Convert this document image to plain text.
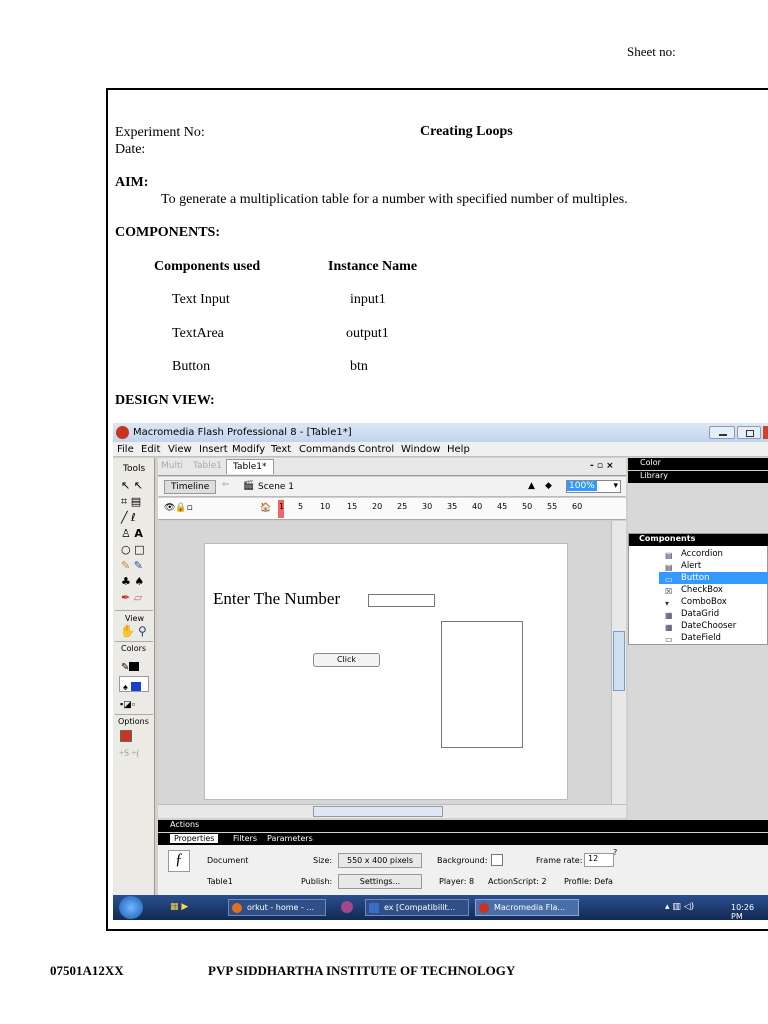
Sheet no:
Experiment No:	Creating Loops
Date:
AIM:
To generate a multiplication table for a number with specified number of multiples.
COMPONENTS:
Components used	Instance Name
Text Input	input1
TextArea	output1
Button	btn
DESIGN VIEW:
Macromedia Flash Professional 8 - [Table1*]
File Edit View Insert Modify Text Commands Control Window Help
Tools
↖ ↖
⌗ ▤
╱ ℓ
♙ A
○ □
✎ ✎
♣ ♠
✒ ▱
View
✋ ⚲
Colors
✎
♠
▪◪▫
Options
+S +(
Multi Table1	Table1*	- ▫ ×
Timeline	⇐ 🎬 Scene 1	▲ ◆	100% ▾
👁🔒▫	🏠 1 5 10 15 20 25 30 35 40 45 50 55 60
Enter The Number
Click
Actions
Properties	Filters Parameters
ƒ	Document
Table1
Size:	550 x 400 pixels
Publish:	Settings...
Background:
Player: 8 ActionScript: 2
Frame rate: 12
Profile: Defa
?
Color
Library
Components
Accordion
Alert
Button
CheckBox
ComboBox
DataGrid
DateChooser
DateField
▤
▤
▭
☒
▾
▦
▦
▭
▦ ▶	orkut - home - ...	ex [Compatibilit...	Macromedia Fla...	▴ ▥ ◁)	10:26 PM
07501A12XX	PVP SIDDHARTHA INSTITUTE OF TECHNOLOGY
